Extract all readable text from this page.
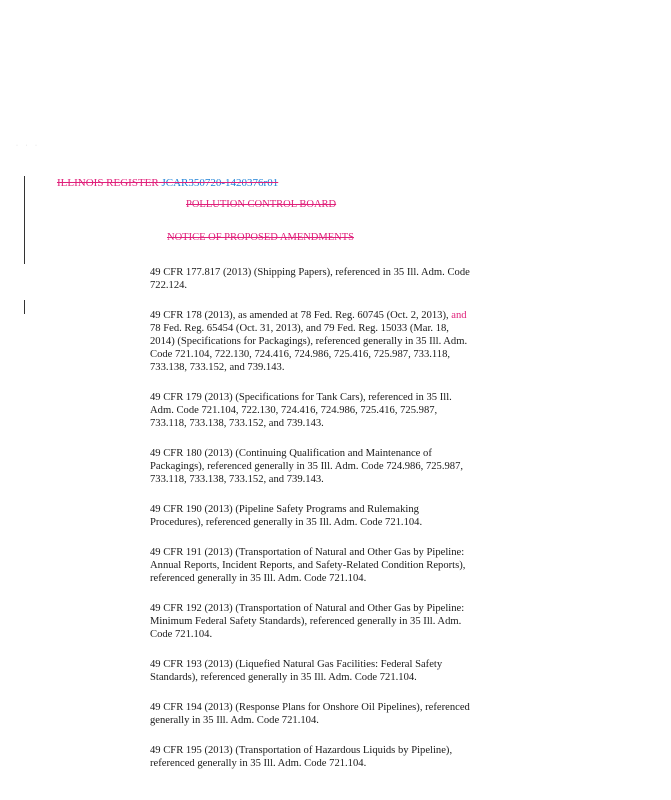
· · ·
ILLINOIS REGISTER JCAR350720-1420376r01
POLLUTION CONTROL BOARD
NOTICE OF PROPOSED AMENDMENTS

49 CFR 177.817 (2013) (Shipping Papers), referenced in 35 Ill. Adm. Code 722.124.

49 CFR 178 (2013), as amended at 78 Fed. Reg. 60745 (Oct. 2, 2013), and 78 Fed. Reg. 65454 (Oct. 31, 2013), and 79 Fed. Reg. 15033 (Mar. 18, 2014) (Specifications for Packagings), referenced generally in 35 Ill. Adm. Code 721.104, 722.130, 724.416, 724.986, 725.416, 725.987, 733.118, 733.138, 733.152, and 739.143.

49 CFR 179 (2013) (Specifications for Tank Cars), referenced in 35 Ill. Adm. Code 721.104, 722.130, 724.416, 724.986, 725.416, 725.987, 733.118, 733.138, 733.152, and 739.143.

49 CFR 180 (2013) (Continuing Qualification and Maintenance of Packagings), referenced generally in 35 Ill. Adm. Code 724.986, 725.987, 733.118, 733.138, 733.152, and 739.143.

49 CFR 190 (2013) (Pipeline Safety Programs and Rulemaking Procedures), referenced generally in 35 Ill. Adm. Code 721.104.

49 CFR 191 (2013) (Transportation of Natural and Other Gas by Pipeline: Annual Reports, Incident Reports, and Safety-Related Condition Reports), referenced generally in 35 Ill. Adm. Code 721.104.

49 CFR 192 (2013) (Transportation of Natural and Other Gas by Pipeline: Minimum Federal Safety Standards), referenced generally in 35 Ill. Adm. Code 721.104.

49 CFR 193 (2013) (Liquefied Natural Gas Facilities: Federal Safety Standards), referenced generally in 35 Ill. Adm. Code 721.104.

49 CFR 194 (2013) (Response Plans for Onshore Oil Pipelines), referenced generally in 35 Ill. Adm. Code 721.104.

49 CFR 195 (2013) (Transportation of Hazardous Liquids by Pipeline), referenced generally in 35 Ill. Adm. Code 721.104.
